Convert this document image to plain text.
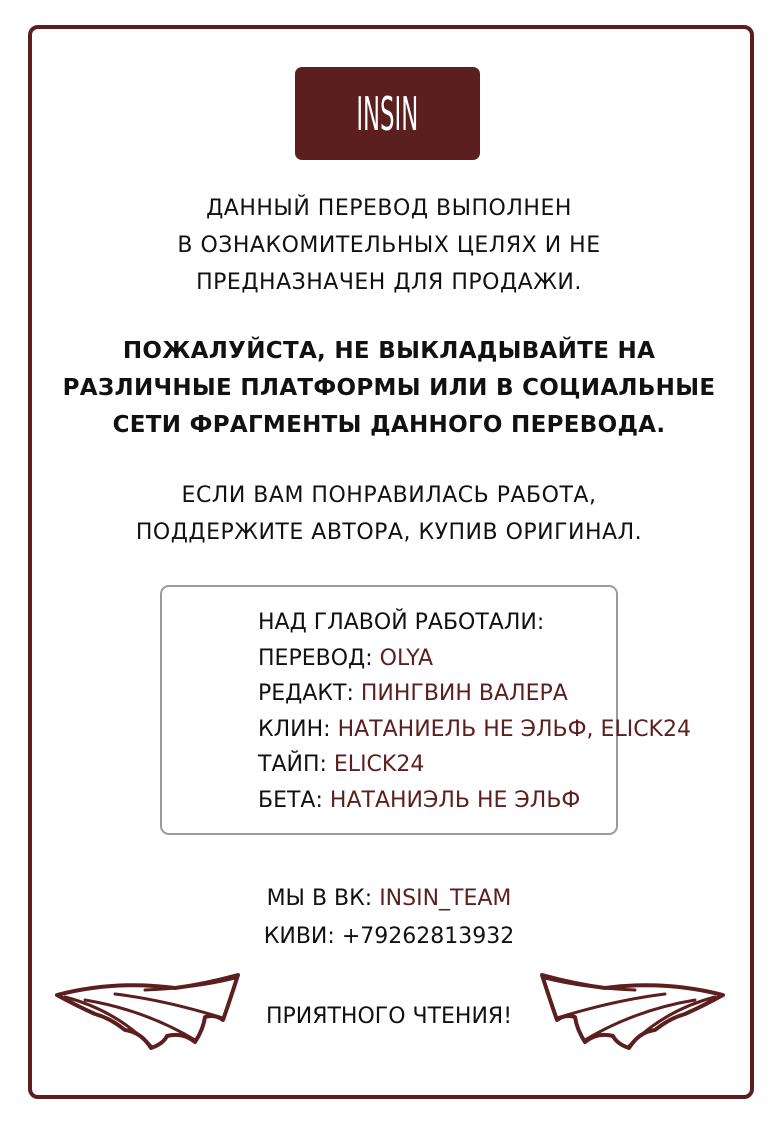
INSIN
ДАННЫЙ ПЕРЕВОД ВЫПОЛНЕН
В ОЗНАКОМИТЕЛЬНЫХ ЦЕЛЯХ И НЕ
ПРЕДНАЗНАЧЕН ДЛЯ ПРОДАЖИ.
ПОЖАЛУЙСТА, НЕ ВЫКЛАДЫВАЙТЕ НА
РАЗЛИЧНЫЕ ПЛАТФОРМЫ ИЛИ В СОЦИАЛЬНЫЕ
СЕТИ ФРАГМЕНТЫ ДАННОГО ПЕРЕВОДА.
ЕСЛИ ВАМ ПОНРАВИЛАСЬ РАБОТА,
ПОДДЕРЖИТЕ АВТОРА, КУПИВ ОРИГИНАЛ.
НАД ГЛАВОЙ РАБОТАЛИ:
ПЕРЕВОД: OLYA
РЕДАКТ: ПИНГВИН ВАЛЕРА
КЛИН: НАТАНИЕЛЬ НЕ ЭЛЬФ, ELICK24
ТАЙП: ELICK24
БЕТА: НАТАНИЭЛЬ НЕ ЭЛЬФ
МЫ В ВК: INSIN_TEAM
КИВИ: +79262813932
ПРИЯТНОГО ЧТЕНИЯ!
